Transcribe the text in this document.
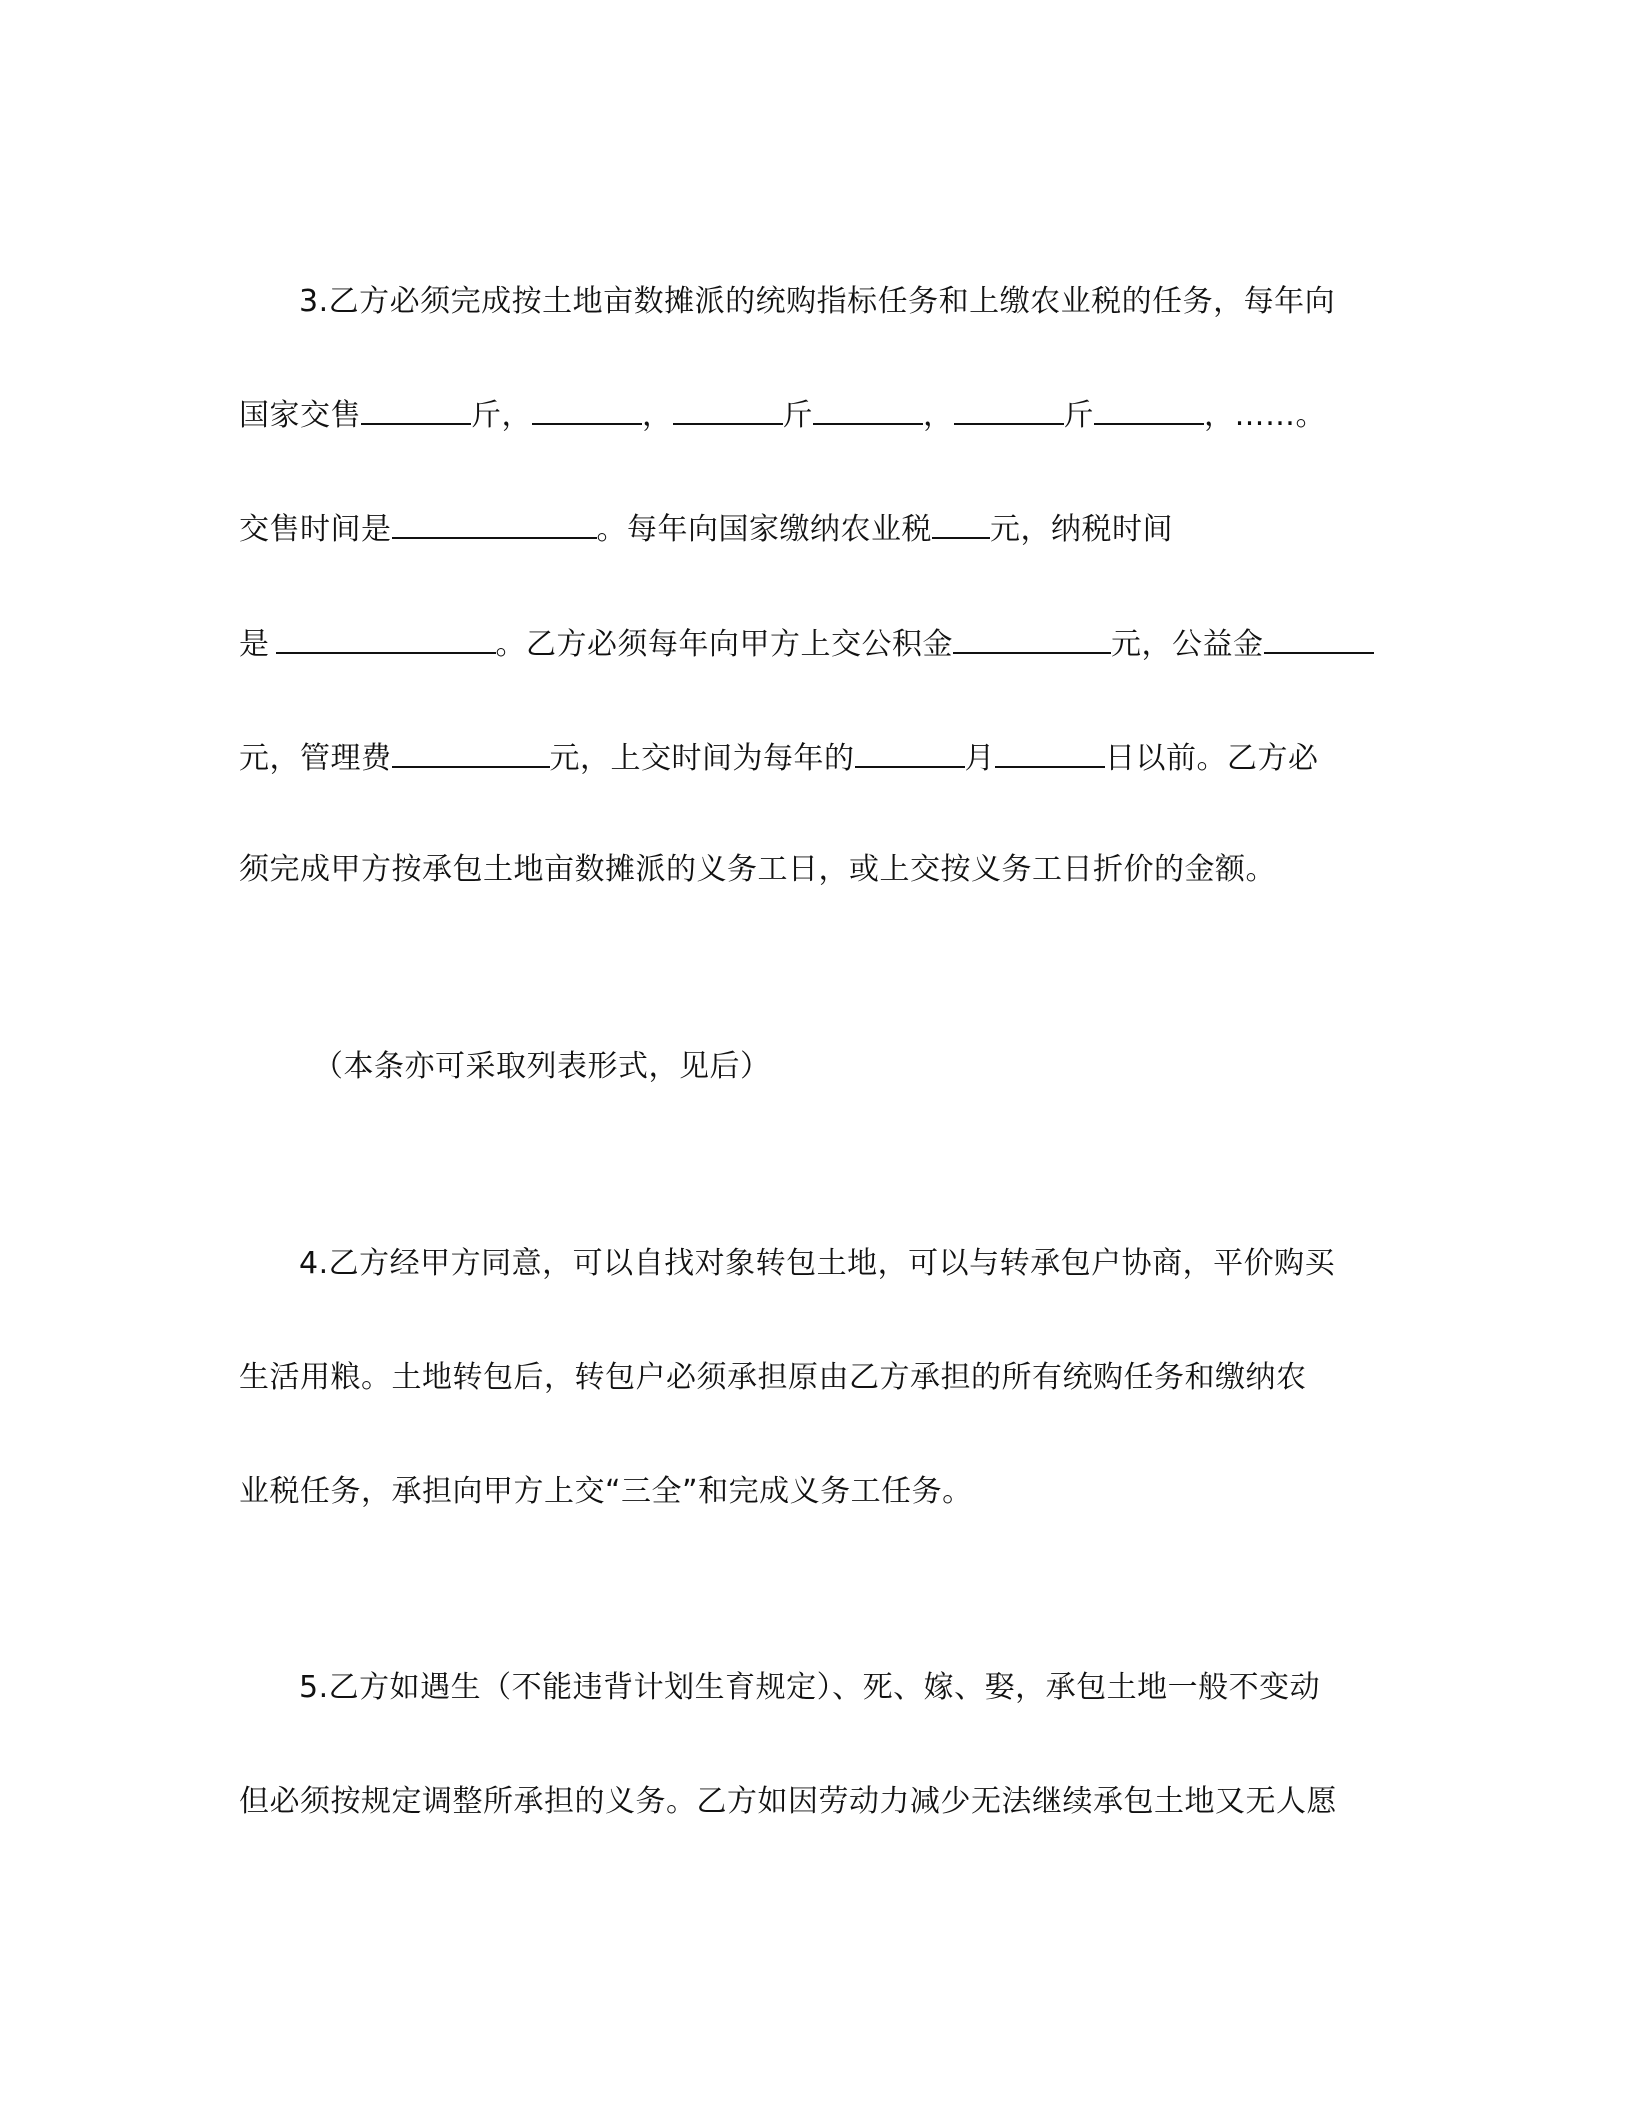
3.乙方必须完成按土地亩数摊派的统购指标任务和上缴农业税的任务，每年向
国家交售	斤，	，	斤	，	斤	，……。
交售时间是	。每年向国家缴纳农业税 元，纳税时间
是	。乙方必须每年向甲方上交公积金	元，公益金
元，管理费	元，上交时间为每年的	月	日以前。乙方必
须完成甲方按承包土地亩数摊派的义务工日，或上交按义务工日折价的金额。
（本条亦可采取列表形式，见后）
4.乙方经甲方同意，可以自找对象转包土地，可以与转承包户协商，平价购买
生活用粮。土地转包后，转包户必须承担原由乙方承担的所有统购任务和缴纳农
业税任务，承担向甲方上交“三全”和完成义务工任务。
5.乙方如遇生（不能违背计划生育规定）、死、嫁、娶，承包土地一般不变动
但必须按规定调整所承担的义务。乙方如因劳动力减少无法继续承包土地又无人愿
